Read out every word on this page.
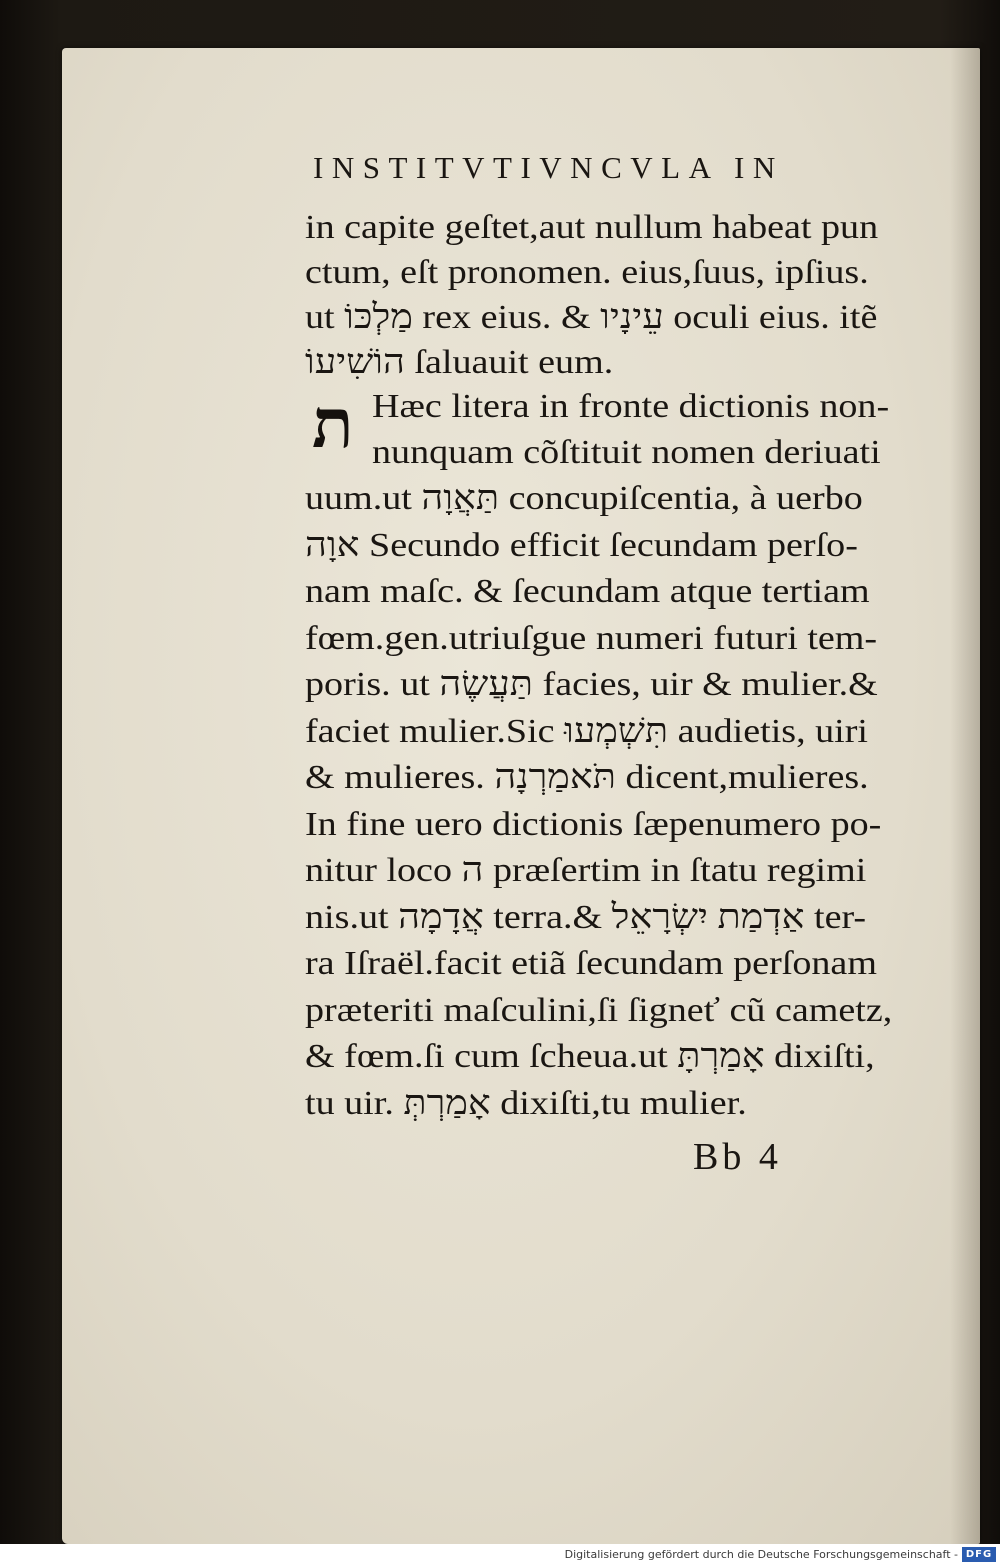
INSTITVTIVNCVLA IN
ת
in capite geſtet,aut nullum habeat pun
ctum, eſt pronomen. eius,ſuus, ipſius.
ut מַלְכּוֹ rex eius. & עֵינָיו oculi eius. itẽ
הוֹשִׁיעוֹ ſaluauit eum.
Hæc litera in fronte dictionis non-
nunquam cõſtituit nomen deriuati
uum.ut תַּאֲוָה concupiſcentia, à uerbo
אוָה Secundo efficit ſecundam perſo-
nam maſc. & ſecundam atque tertiam
fœm.gen.utriuſgue numeri futuri tem-
poris. ut תַּעֲשֶׂה facies, uir & mulier.&
faciet mulier.Sic תִּשְׁמְעוּ audietis, uiri
& mulieres. תֹּאמַרְנָה dicent,mulieres.
In fine uero dictionis ſæpenumero po-
nitur loco ה præſertim in ſtatu regimi
nis.ut אֲדָמָה terra.& אַדְמַת יִשְׂרָאֵל ter-
ra Iſraël.facit etiã ſecundam perſonam
præteriti maſculini,ſi ſigneť cũ cametz,
& fœm.ſi cum ſcheua.ut אָמַרְתָּ dixiſti,
tu uir. אָמַרְתְּ dixiſti,tu mulier.
Bb 4
Digitalisierung gefördert durch die Deutsche Forschungsgemeinschaft - DFG
